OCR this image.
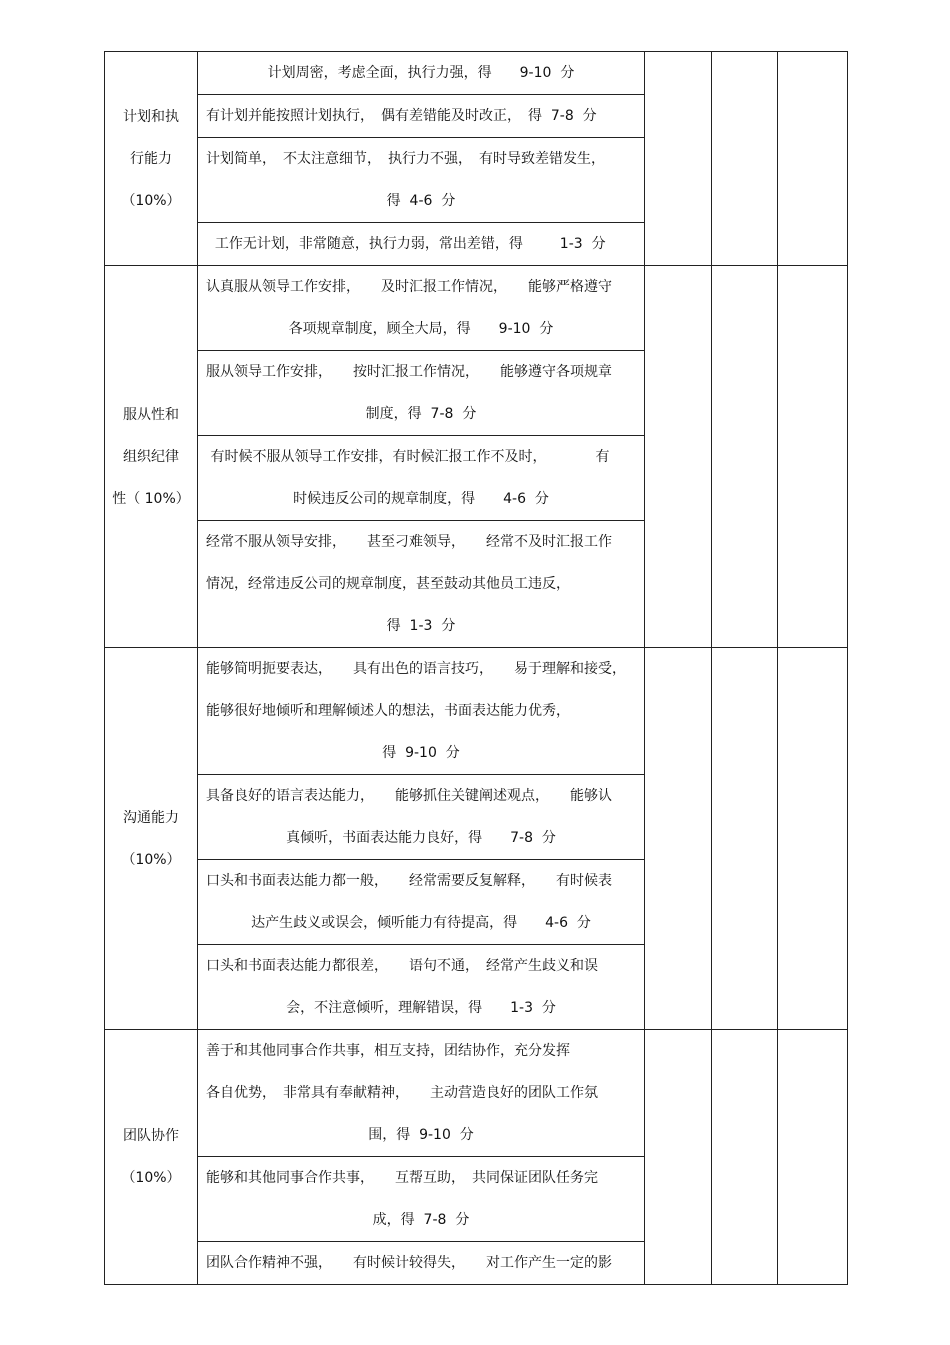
计划和执
行能力
（10%）	计划周密，考虑全面，执行力强，得　　9-10  分			

	有计划并能按照计划执行，　偶有差错能及时改正，　得  7-8  分			

	计划简单，　不太注意细节，　执行力不强，　有时导致差错发生，
得  4-6  分			

	工作无计划，非常随意，执行力弱，常出差错，得　　  1-3  分			

服从性和
组织纪律
性（ 10%）	认真服从领导工作安排，　　及时汇报工作情况，　　能够严格遵守
各项规章制度，顾全大局，得　　9-10  分			

	服从领导工作安排，　　按时汇报工作情况，　　能够遵守各项规章
制度，得  7-8  分			

	有时候不服从领导工作安排，有时候汇报工作不及时，　　　　有
时候违反公司的规章制度，得　　4-6  分			

	经常不服从领导安排，　　甚至刁难领导，　　经常不及时汇报工作
情况，经常违反公司的规章制度，甚至鼓动其他员工违反，
得  1-3  分			

沟通能力
（10%）	能够简明扼要表达，　　具有出色的语言技巧，　　易于理解和接受，
能够很好地倾听和理解倾述人的想法，书面表达能力优秀，
得  9-10  分			

	具备良好的语言表达能力，　　能够抓住关键阐述观点，　　能够认
真倾听，书面表达能力良好，得　　7-8  分			

	口头和书面表达能力都一般，　　经常需要反复解释，　　有时候表
达产生歧义或误会，倾听能力有待提高，得　　4-6  分			

	口头和书面表达能力都很差，　　语句不通，　经常产生歧义和误
会，不注意倾听，理解错误，得　　1-3  分			

团队协作
（10%）	善于和其他同事合作共事，相互支持，团结协作，充分发挥
各自优势，　非常具有奉献精神，　　主动营造良好的团队工作氛
围，得  9-10  分			

	能够和其他同事合作共事，　　互帮互助，　共同保证团队任务完
成，得  7-8  分			

	团队合作精神不强，　　有时候计较得失，　　对工作产生一定的影			
